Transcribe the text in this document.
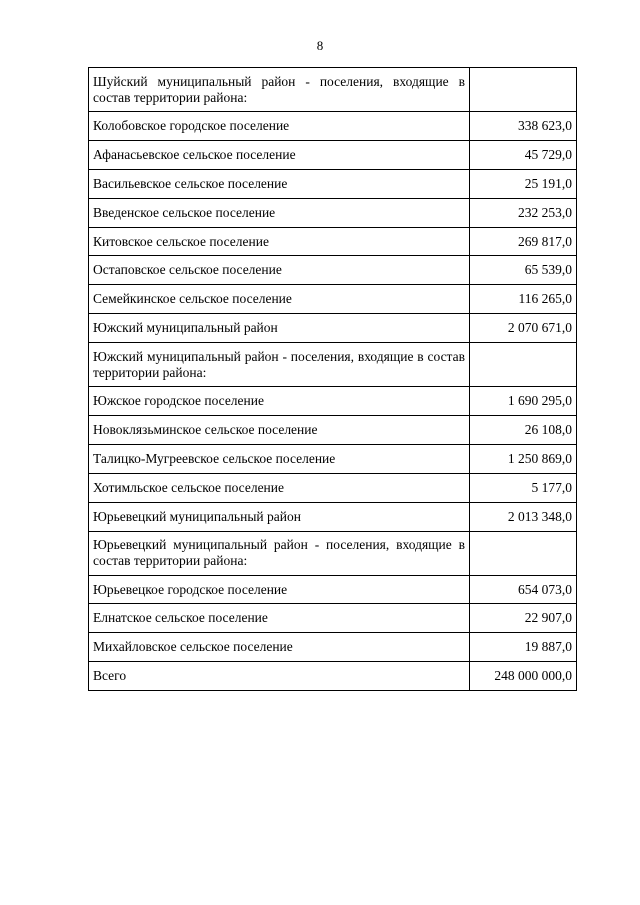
8
Шуйский муниципальный район - поселения, входящие в состав территории района:	
Колобовское городское поселение	338 623,0
Афанасьевское сельское поселение	45 729,0
Васильевское сельское поселение	25 191,0
Введенское сельское поселение	232 253,0
Китовское сельское поселение	269 817,0
Остаповское сельское поселение	65 539,0
Семейкинское сельское поселение	116 265,0
Южский муниципальный район	2 070 671,0
Южский муниципальный район - поселения, входящие в состав территории района:	
Южское городское поселение	1 690 295,0
Новоклязьминское сельское поселение	26 108,0
Талицко-Мугреевское сельское поселение	1 250 869,0
Хотимльское сельское поселение	5 177,0
Юрьевецкий муниципальный район	2 013 348,0
Юрьевецкий муниципальный район - поселения, входящие в состав территории района:	
Юрьевецкое городское поселение	654 073,0
Елнатское сельское поселение	22 907,0
Михайловское сельское поселение	19 887,0
Всего	248 000 000,0
